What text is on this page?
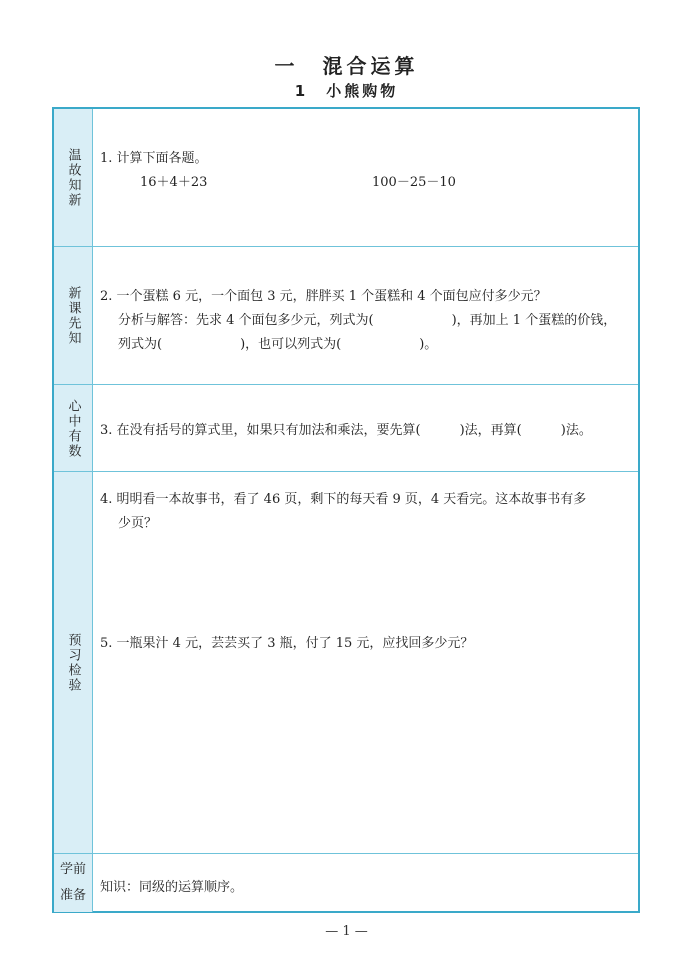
一　混合运算
1　小熊购物
温故知新 1. 计算下面各题。
16＋4＋23	100－25－10
新课先知 2. 一个蛋糕 6 元，一个面包 3 元，胖胖买 1 个蛋糕和 4 个面包应付多少元？
分析与解答：先求 4 个面包多少元，列式为(　　　　　　)，再加上 1 个蛋糕的价钱，
列式为(　　　　　　)，也可以列式为(　　　　　　)。
心中有数 3. 在没有括号的算式里，如果只有加法和乘法，要先算(　　　)法，再算(　　　)法。
预习检验
4. 明明看一本故事书，看了 46 页，剩下的每天看 9 页，4 天看完。这本故事书有多
少页？
5. 一瓶果汁 4 元，芸芸买了 3 瓶，付了 15 元，应找回多少元？
学前
准备
知识：同级的运算顺序。
— 1 —
